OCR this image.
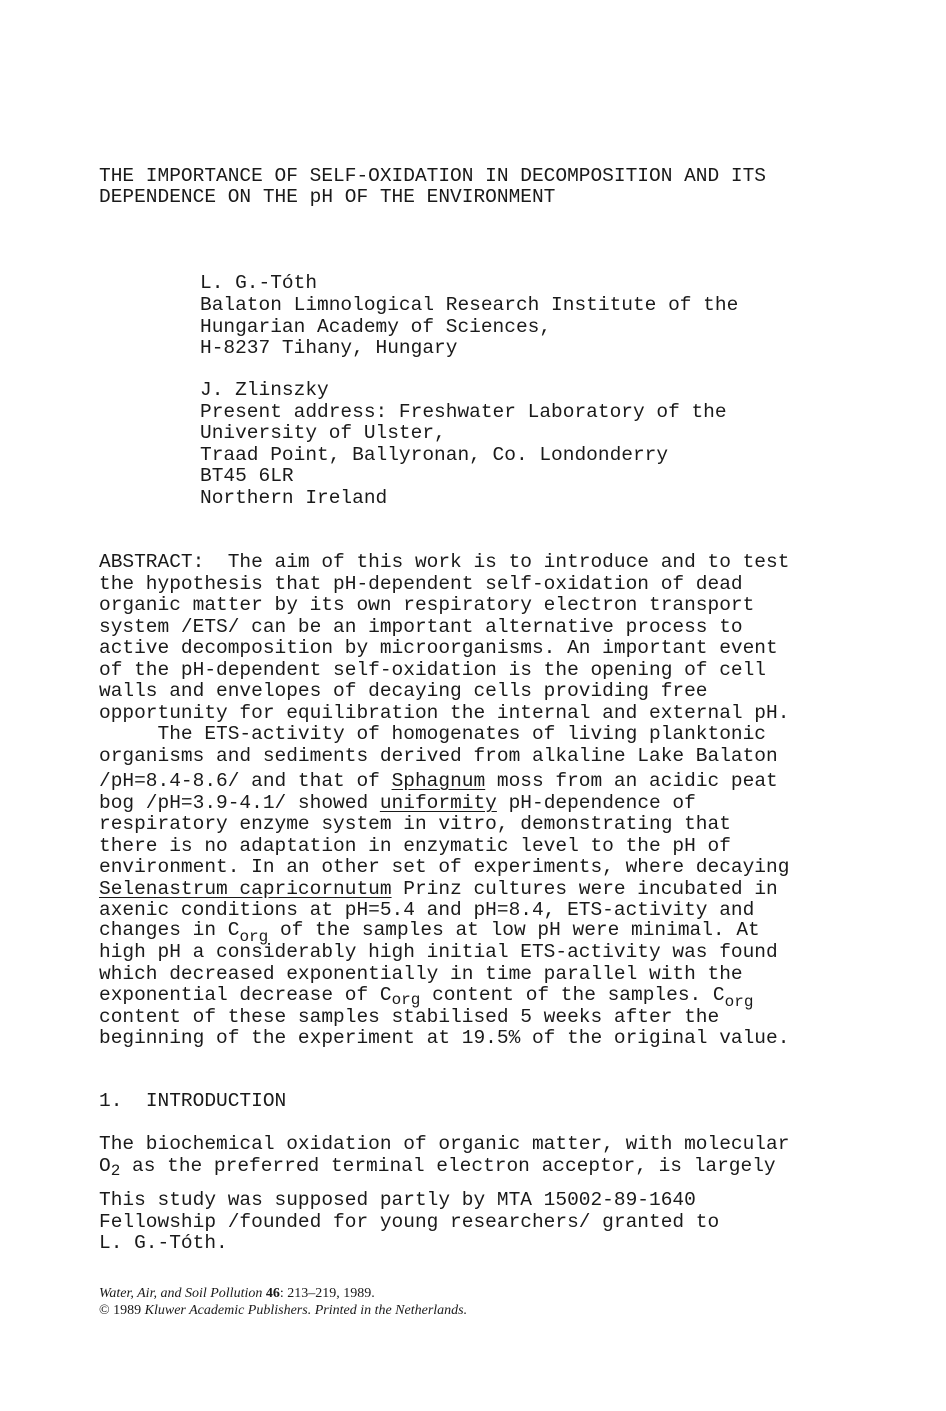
THE IMPORTANCE OF SELF-OXIDATION IN DECOMPOSITION AND ITS
DEPENDENCE ON THE pH OF THE ENVIRONMENT
L. G.-Tóth
Balaton Limnological Research Institute of the
Hungarian Academy of Sciences,
H-8237 Tihany, Hungary
J. Zlinszky
Present address: Freshwater Laboratory of the
University of Ulster,
Traad Point, Ballyronan, Co. Londonderry
BT45 6LR
Northern Ireland
ABSTRACT:  The aim of this work is to introduce and to test
the hypothesis that pH-dependent self-oxidation of dead
organic matter by its own respiratory electron transport
system /ETS/ can be an important alternative process to
active decomposition by microorganisms. An important event
of the pH-dependent self-oxidation is the opening of cell
walls and envelopes of decaying cells providing free
opportunity for equilibration the internal and external pH.
The ETS-activity of homogenates of living planktonic
organisms and sediments derived from alkaline Lake Balaton
/pH=8.4-8.6/ and that of Sphagnum moss from an acidic peat
bog /pH=3.9-4.1/ showed uniformity pH-dependence of
respiratory enzyme system in vitro, demonstrating that
there is no adaptation in enzymatic level to the pH of
environment. In an other set of experiments, where decaying
Selenastrum capricornutum Prinz cultures were incubated in
axenic conditions at pH=5.4 and pH=8.4, ETS-activity and
changes in $C_{org}$ of the samples at low pH were minimal. At
high pH a considerably high initial ETS-activity was found
which decreased exponentially in time parallel with the
exponential decrease of $C_{org}$ content of the samples. $C_{org}$
content of these samples stabilised 5 weeks after the
beginning of the experiment at 19.5% of the original value.
1. INTRODUCTION
The biochemical oxidation of organic matter, with molecular
$O_2$ as the preferred terminal electron acceptor, is largely
This study was supposed partly by MTA 15002-89-1640
Fellowship /founded for young researchers/ granted to
L. G.-Tóth.
Water, Air, and Soil Pollution 46: 213–219, 1989.
© 1989 Kluwer Academic Publishers. Printed in the Netherlands.
